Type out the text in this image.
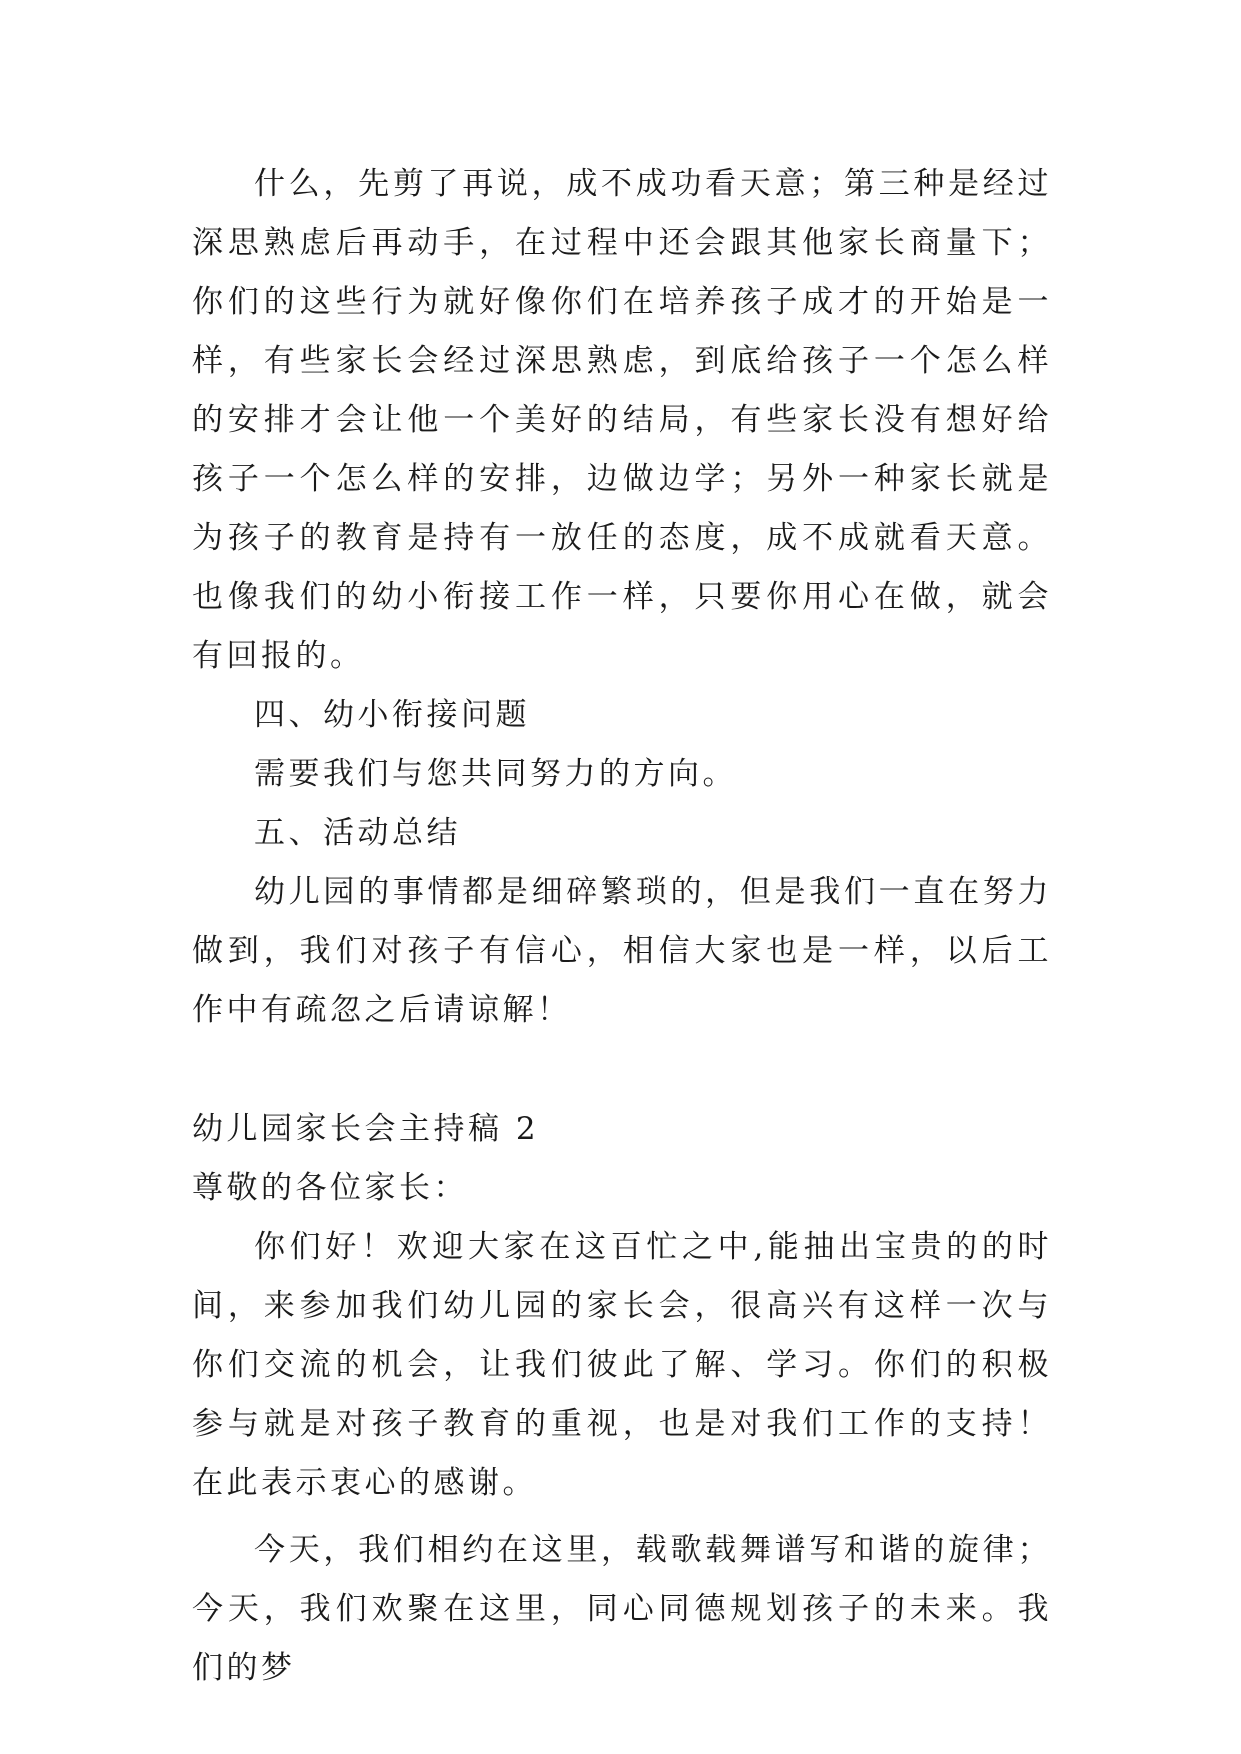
什么，先剪了再说，成不成功看天意；第三种是经过深思熟虑后再动手，在过程中还会跟其他家长商量下；你们的这些行为就好像你们在培养孩子成才的开始是一样，有些家长会经过深思熟虑，到底给孩子一个怎么样的安排才会让他一个美好的结局，有些家长没有想好给孩子一个怎么样的安排，边做边学；另外一种家长就是为孩子的教育是持有一放任的态度，成不成就看天意。也像我们的幼小衔接工作一样，只要你用心在做，就会有回报的。

四、幼小衔接问题

需要我们与您共同努力的方向。

五、活动总结

幼儿园的事情都是细碎繁琐的，但是我们一直在努力做到，我们对孩子有信心，相信大家也是一样，以后工作中有疏忽之后请谅解！

幼儿园家长会主持稿 2

尊敬的各位家长：

你们好！欢迎大家在这百忙之中,能抽出宝贵的的时间，来参加我们幼儿园的家长会，很高兴有这样一次与你们交流的机会，让我们彼此了解、学习。你们的积极参与就是对孩子教育的重视，也是对我们工作的支持！在此表示衷心的感谢。

今天，我们相约在这里，载歌载舞谱写和谐的旋律；今天，我们欢聚在这里，同心同德规划孩子的未来。我们的梦
